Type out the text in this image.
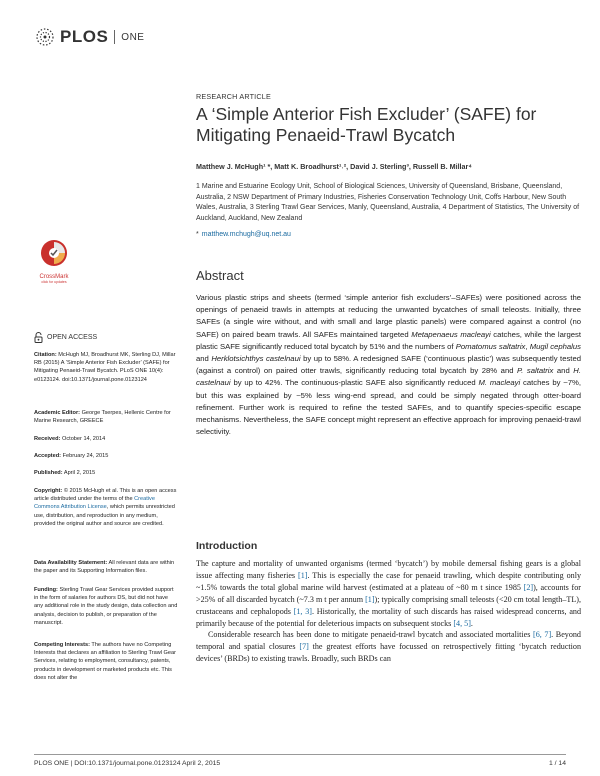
PLOS ONE
RESEARCH ARTICLE
A ‘Simple Anterior Fish Excluder’ (SAFE) for Mitigating Penaeid-Trawl Bycatch
Matthew J. McHugh¹ *, Matt K. Broadhurst¹˒², David J. Sterling³, Russell B. Millar⁴
1 Marine and Estuarine Ecology Unit, School of Biological Sciences, University of Queensland, Brisbane, Queensland, Australia, 2 NSW Department of Primary Industries, Fisheries Conservation Technology Unit, Coffs Harbour, New South Wales, Australia, 3 Sterling Trawl Gear Services, Manly, Queensland, Australia, 4 Department of Statistics, The University of Auckland, Auckland, New Zealand
* matthew.mchugh@uq.net.au
CrossMark
click for updates	Abstract
Various plastic strips and sheets (termed ‘simple anterior fish excluders’–SAFEs) were positioned across the openings of penaeid trawls in attempts at reducing the unwanted bycatches of small teleosts. Initially, three SAFEs (a single wire without, and with small and large plastic panels) were compared against a control (no SAFE) on paired beam trawls. All SAFEs maintained targeted Metapenaeus macleayi catches, while the largest plastic SAFE significantly reduced total bycatch by 51% and the numbers of Pomatomus saltatrix, Mugil cephalus and Herklotsichthys castelnaui by up to 58%. A redesigned SAFE (‘continuous plastic’) was subsequently tested (against a control) on paired otter trawls, significantly reducing total bycatch by 28% and P. saltatrix and H. castelnaui by up to 42%. The continuous-plastic SAFE also significantly reduced M. macleayi catches by ~7%, but this was explained by ~5% less wing-end spread, and could be simply negated through otter-board refinement. Further work is required to refine the tested SAFEs, and to quantify species-specific escape mechanisms. Nevertheless, the SAFE concept might represent an effective approach for improving penaeid-trawl selectivity.
OPEN ACCESS
Citation: McHugh MJ, Broadhurst MK, Sterling DJ, Millar RB (2015) A ‘Simple Anterior Fish Excluder’ (SAFE) for Mitigating Penaeid-Trawl Bycatch. PLoS ONE 10(4): e0123124. doi:10.1371/journal.pone.0123124
Academic Editor: George Tserpes, Hellenic Centre for Marine Research, GREECE
Received: October 14, 2014
Accepted: February 24, 2015
Published: April 2, 2015
Copyright: © 2015 McHugh et al. This is an open access article distributed under the terms of the Creative Commons Attribution License, which permits unrestricted use, distribution, and reproduction in any medium, provided the original author and source are credited.
Data Availability Statement: All relevant data are within the paper and its Supporting Information files.
Funding: Sterling Trawl Gear Services provided support in the form of salaries for authors DS, but did not have any additional role in the study design, data collection and analysis, decision to publish, or preparation of the manuscript.
Competing Interests: The authors have no Competing Interests that declares an affiliation to Sterling Trawl Gear Services, relating to employment, consultancy, patents, products in development or marketed products etc. This does not alter the
Introduction
The capture and mortality of unwanted organisms (termed ‘bycatch’) by mobile demersal fishing gears is a global issue affecting many fisheries [1]. This is especially the case for penaeid trawling, which despite contributing only ~1.5% towards the total global marine wild harvest (estimated at a plateau of ~80 m t since 1985 [2]), accounts for >25% of all discarded bycatch (~7.3 m t per annum [1]); typically comprising small teleosts (<20 cm total length–TL), crustaceans and cephalopods [1, 3]. Historically, the mortality of such discards has raised widespread concerns, and primarily because of the potential for deleterious impacts on subsequent stocks [4, 5].
Considerable research has been done to mitigate penaeid-trawl bycatch and associated mortalities [6, 7]. Beyond temporal and spatial closures [7] the greatest efforts have focussed on retrospectively fitting ‘bycatch reduction devices’ (BRDs) to existing trawls. Broadly, such BRDs can
PLOS ONE | DOI:10.1371/journal.pone.0123124 April 2, 2015	1 / 14
